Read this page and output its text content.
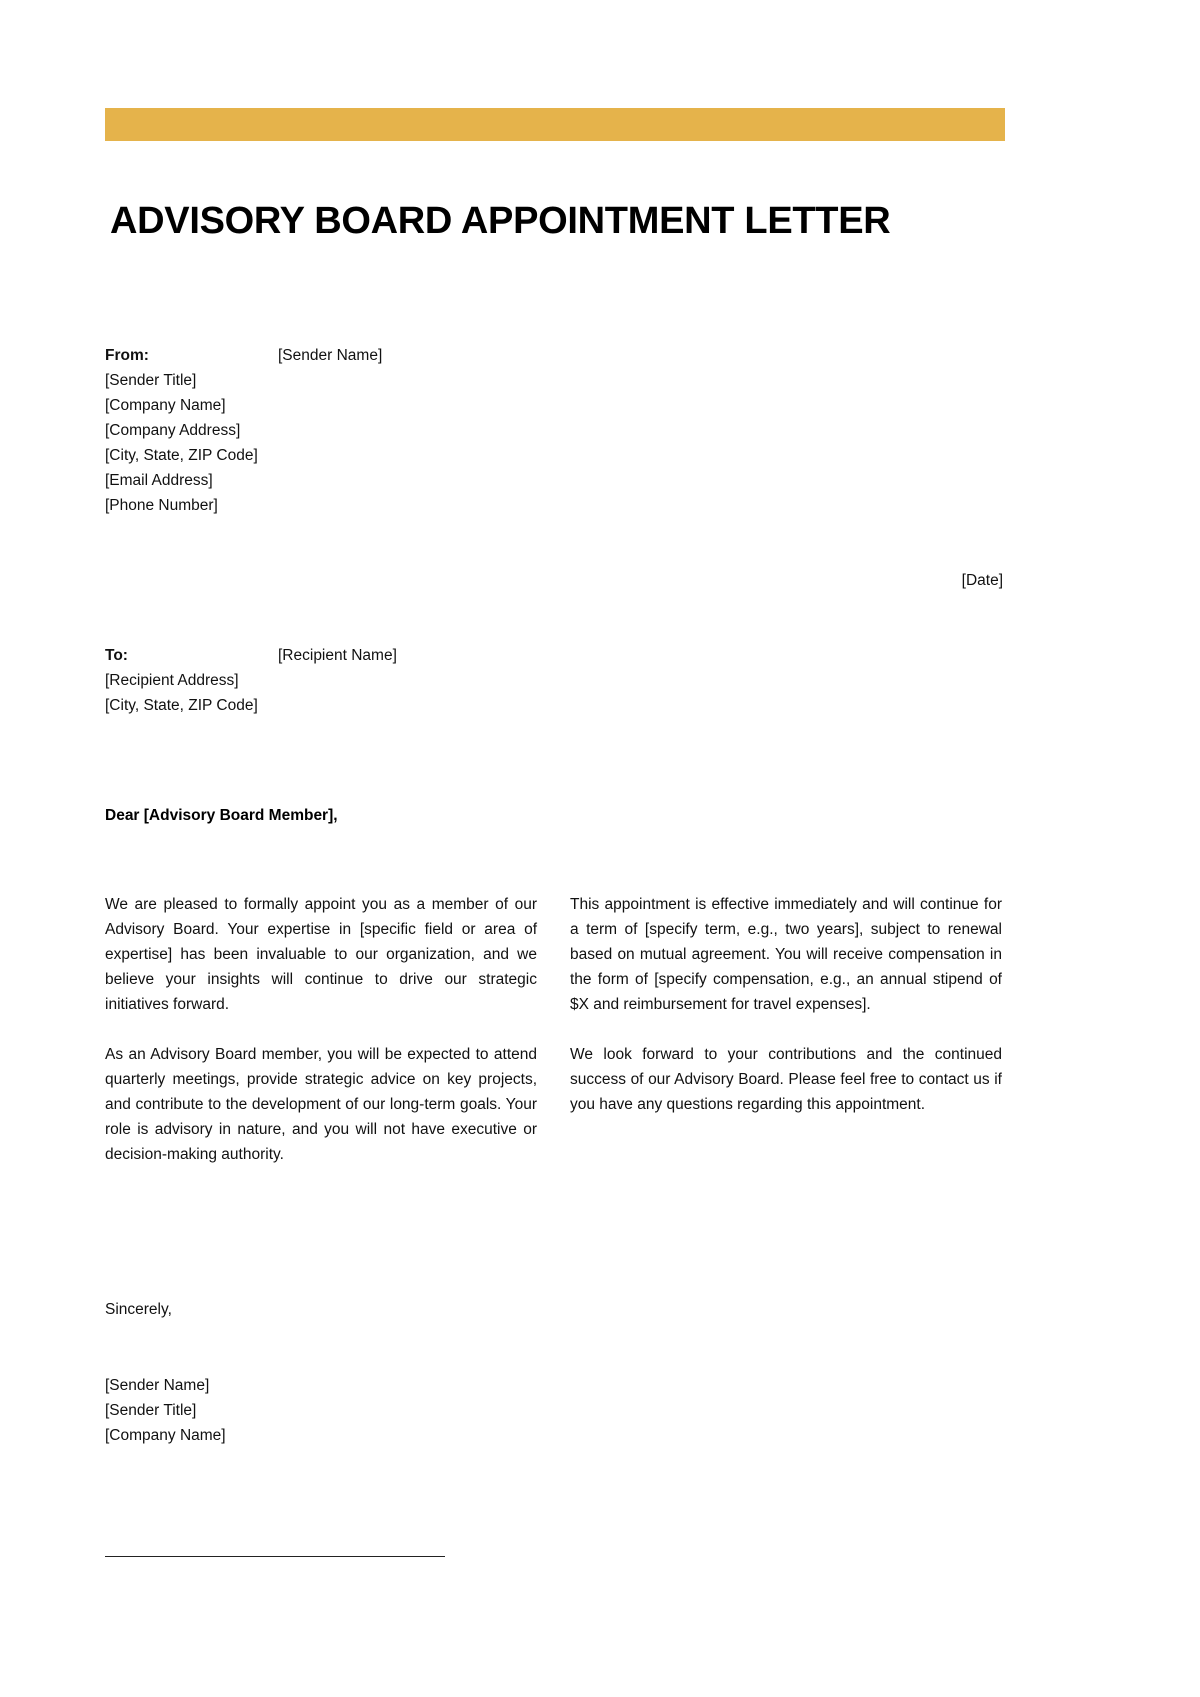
ADVISORY BOARD APPOINTMENT LETTER
From:	[Sender Name]
[Sender Title]
[Company Name]
[Company Address]
[City, State, ZIP Code]
[Email Address]
[Phone Number]
[Date]
To:	[Recipient Name]
[Recipient Address]
[City, State, ZIP Code]
Dear [Advisory Board Member],

We are pleased to formally appoint you as a member of our Advisory Board. Your expertise in [specific field or area of expertise] has been invaluable to our organization, and we believe your insights will continue to drive our strategic initiatives forward.

As an Advisory Board member, you will be expected to attend quarterly meetings, provide strategic advice on key projects, and contribute to the development of our long-term goals. Your role is advisory in nature, and you will not have executive or decision-making authority.

This appointment is effective immediately and will continue for a term of [specify term, e.g., two years], subject to renewal based on mutual agreement. You will receive compensation in the form of [specify compensation, e.g., an annual stipend of $X and reimbursement for travel expenses].

We look forward to your contributions and the continued success of our Advisory Board. Please feel free to contact us if you have any questions regarding this appointment.

Sincerely,
[Sender Name]
[Sender Title]
[Company Name]
